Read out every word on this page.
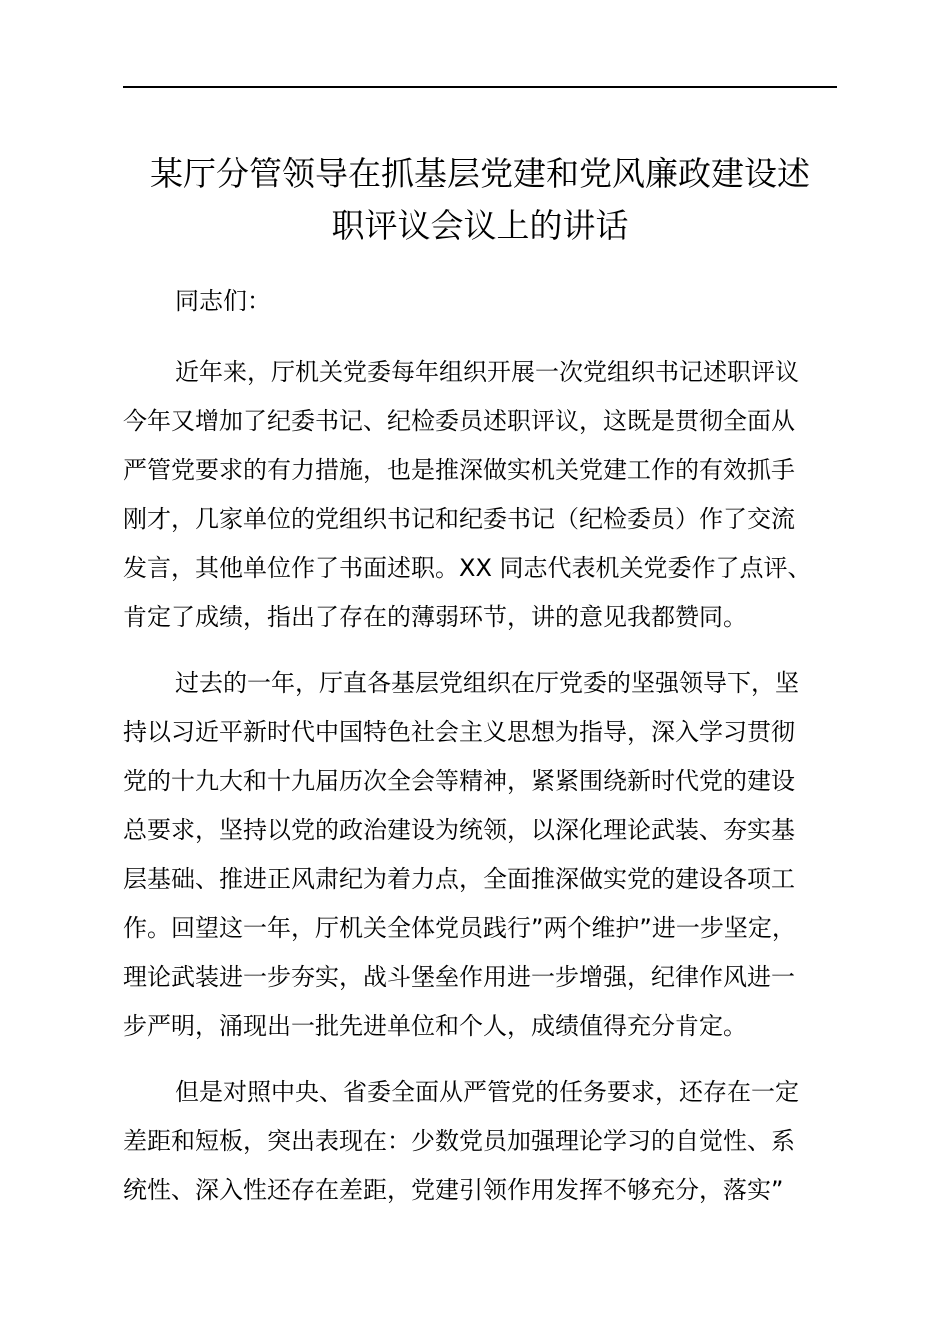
某厅分管领导在抓基层党建和党风廉政建设述
职评议会议上的讲话

同志们：

近年来，厅机关党委每年组织开展一次党组织书记述职评议
今年又增加了纪委书记、纪检委员述职评议，这既是贯彻全面从
严管党要求的有力措施，也是推深做实机关党建工作的有效抓手
刚才，几家单位的党组织书记和纪委书记（纪检委员）作了交流
发言，其他单位作了书面述职。XX 同志代表机关党委作了点评、
肯定了成绩，指出了存在的薄弱环节，讲的意见我都赞同。

过去的一年，厅直各基层党组织在厅党委的坚强领导下，坚
持以习近平新时代中国特色社会主义思想为指导，深入学习贯彻
党的十九大和十九届历次全会等精神，紧紧围绕新时代党的建设
总要求，坚持以党的政治建设为统领，以深化理论武装、夯实基
层基础、推进正风肃纪为着力点，全面推深做实党的建设各项工
作。回望这一年，厅机关全体党员践行”两个维护”进一步坚定，
理论武装进一步夯实，战斗堡垒作用进一步增强，纪律作风进一
步严明，涌现出一批先进单位和个人，成绩值得充分肯定。

但是对照中央、省委全面从严管党的任务要求，还存在一定
差距和短板，突出表现在：少数党员加强理论学习的自觉性、系
统性、深入性还存在差距，党建引领作用发挥不够充分，落实”
